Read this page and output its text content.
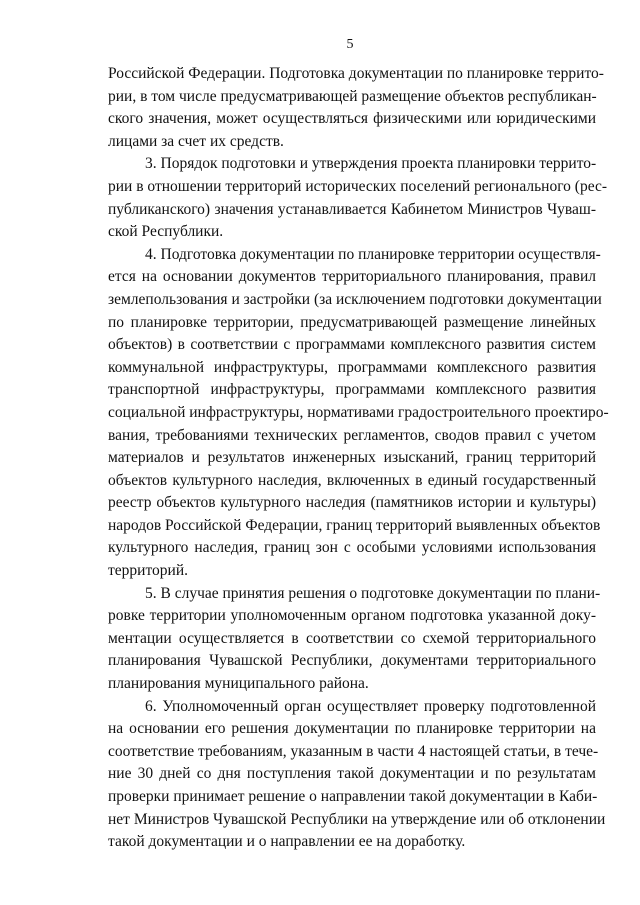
5
Российской Федерации. Подготовка документации по планировке террито-
рии, в том числе предусматривающей размещение объектов республикан-
ского значения, может осуществляться физическими или юридическими
лицами за счет их средств.
3. Порядок подготовки и утверждения проекта планировки террито-
рии в отношении территорий исторических поселений регионального (рес-
публиканского) значения устанавливается Кабинетом Министров Чуваш-
ской Республики.
4. Подготовка документации по планировке территории осуществля-
ется на основании документов территориального планирования, правил
землепользования и застройки (за исключением подготовки документации
по планировке территории, предусматривающей размещение линейных
объектов) в соответствии с программами комплексного развития систем
коммунальной инфраструктуры, программами комплексного развития
транспортной инфраструктуры, программами комплексного развития
социальной инфраструктуры, нормативами градостроительного проектиро-
вания, требованиями технических регламентов, сводов правил с учетом
материалов и результатов инженерных изысканий, границ территорий
объектов культурного наследия, включенных в единый государственный
реестр объектов культурного наследия (памятников истории и культуры)
народов Российской Федерации, границ территорий выявленных объектов
культурного наследия, границ зон с особыми условиями использования
территорий.
5. В случае принятия решения о подготовке документации по плани-
ровке территории уполномоченным органом подготовка указанной доку-
ментации осуществляется в соответствии со схемой территориального
планирования Чувашской Республики, документами территориального
планирования муниципального района.
6. Уполномоченный орган осуществляет проверку подготовленной
на основании его решения документации по планировке территории на
соответствие требованиям, указанным в части 4 настоящей статьи, в тече-
ние 30 дней со дня поступления такой документации и по результатам
проверки принимает решение о направлении такой документации в Каби-
нет Министров Чувашской Республики на утверждение или об отклонении
такой документации и о направлении ее на доработку.
